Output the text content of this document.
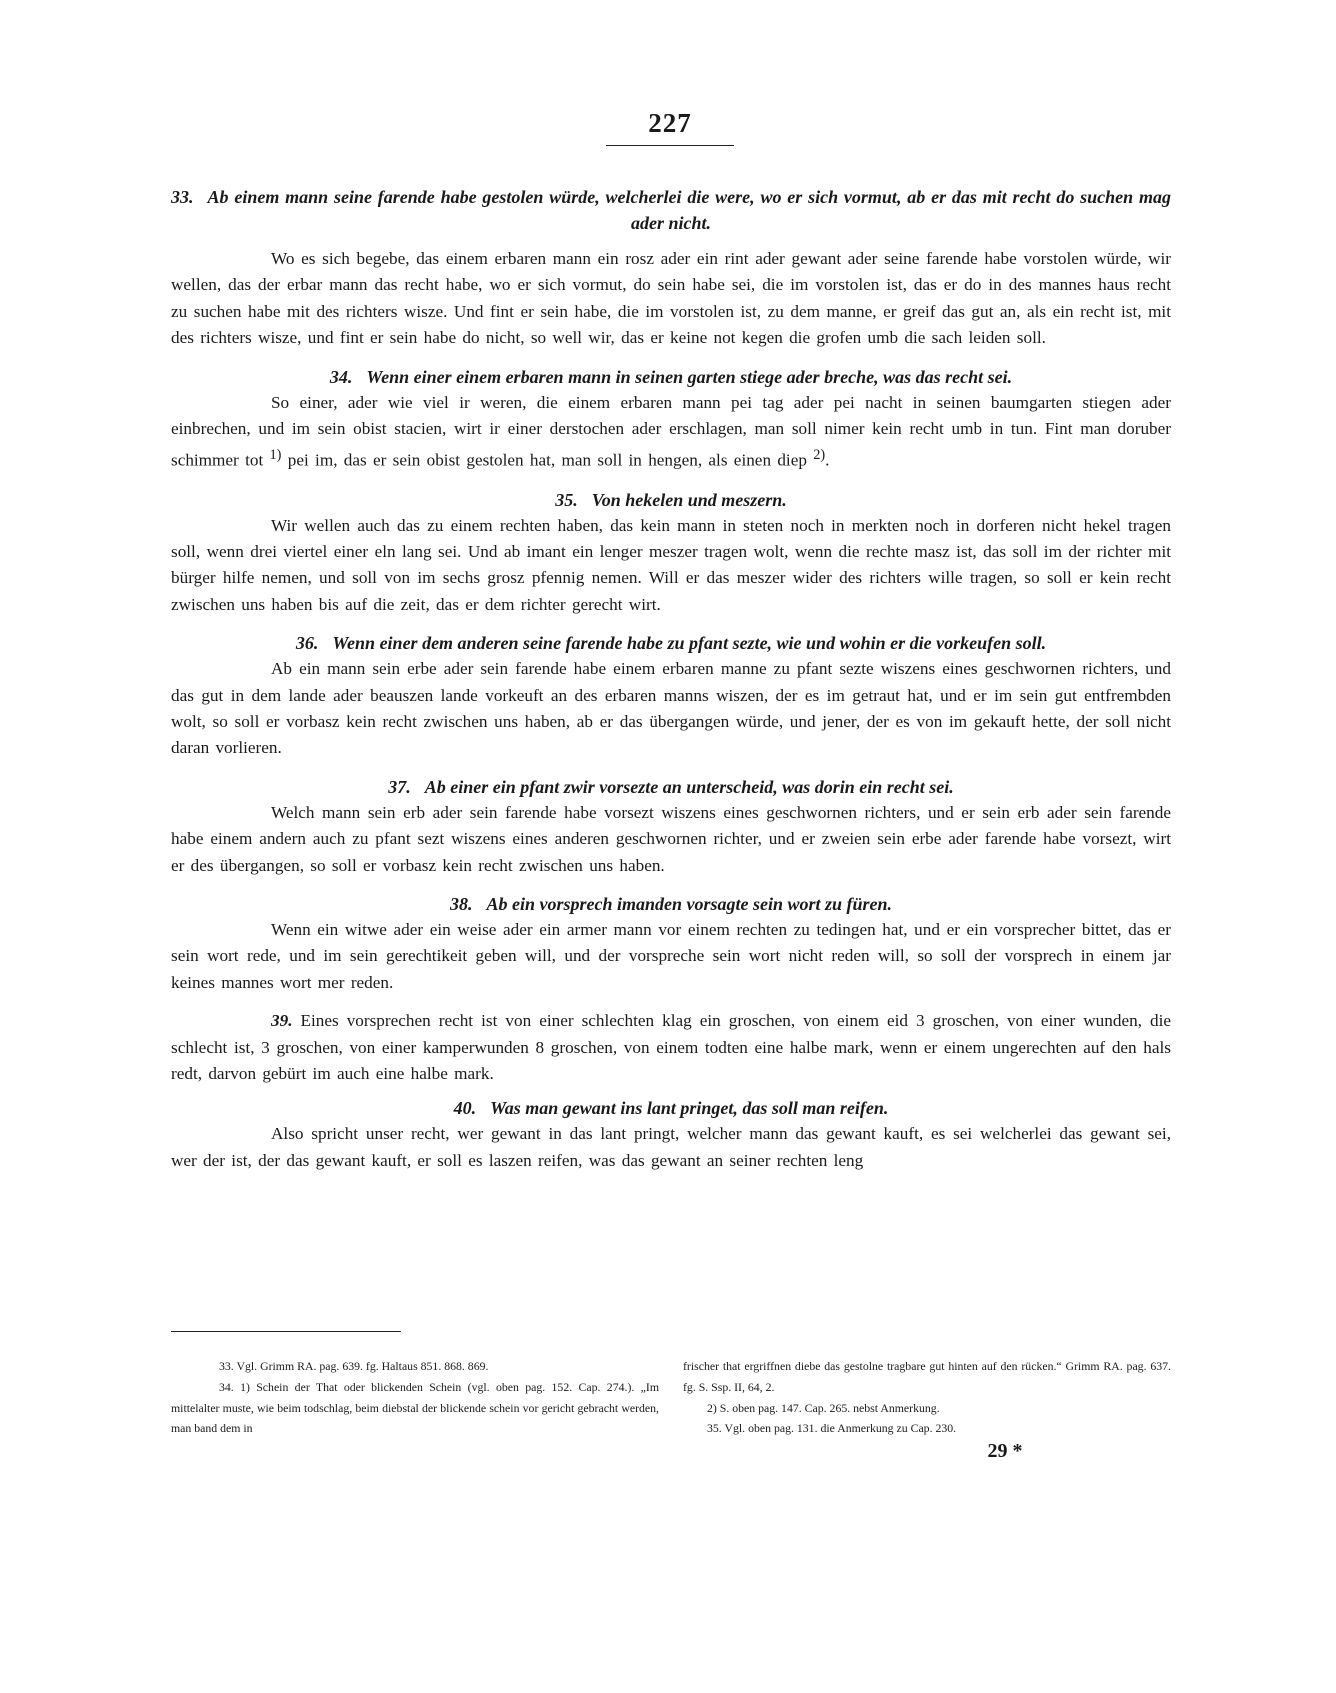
227

33. Ab einem mann seine farende habe gestolen würde, welcherlei die were, wo er sich vormut, ab er das mit recht do suchen mag ader nicht.

Wo es sich begebe, das einem erbaren mann ein rosz ader ein rint ader gewant ader seine farende habe vorstolen würde, wir wellen, das der erbar mann das recht habe, wo er sich vormut, do sein habe sei, die im vorstolen ist, das er do in des mannes haus recht zu suchen habe mit des richters wisze. Und fint er sein habe, die im vorstolen ist, zu dem manne, er greif das gut an, als ein recht ist, mit des richters wisze, und fint er sein habe do nicht, so well wir, das er keine not kegen die grofen umb die sach leiden soll.

34. Wenn einer einem erbaren mann in seinen garten stiege ader breche, was das recht sei.

So einer, ader wie viel ir weren, die einem erbaren mann pei tag ader pei nacht in seinen baumgarten stiegen ader einbrechen, und im sein obist stacien, wirt ir einer derstochen ader erschlagen, man soll nimer kein recht umb in tun. Fint man doruber schimmer tot $^{1)}$ pei im, das er sein obist gestolen hat, man soll in hengen, als einen diep $^{2)}$.

35. Von hekelen und meszern.

Wir wellen auch das zu einem rechten haben, das kein mann in steten noch in merkten noch in dorferen nicht hekel tragen soll, wenn drei viertel einer eln lang sei. Und ab imant ein lenger meszer tragen wolt, wenn die rechte masz ist, das soll im der richter mit bürger hilfe nemen, und soll von im sechs grosz pfennig nemen. Will er das meszer wider des richters wille tragen, so soll er kein recht zwischen uns haben bis auf die zeit, das er dem richter gerecht wirt.

36. Wenn einer dem anderen seine farende habe zu pfant sezte, wie und wohin er die vorkeufen soll.

Ab ein mann sein erbe ader sein farende habe einem erbaren manne zu pfant sezte wiszens eines geschwornen richters, und das gut in dem lande ader beauszen lande vorkeuft an des erbaren manns wiszen, der es im getraut hat, und er im sein gut entfrembden wolt, so soll er vorbasz kein recht zwischen uns haben, ab er das übergangen würde, und jener, der es von im gekauft hette, der soll nicht daran vorlieren.

37. Ab einer ein pfant zwir vorsezte an unterscheid, was dorin ein recht sei.

Welch mann sein erb ader sein farende habe vorsezt wiszens eines geschwornen richters, und er sein erb ader sein farende habe einem andern auch zu pfant sezt wiszens eines anderen geschwornen richter, und er zweien sein erbe ader farende habe vorsezt, wirt er des übergangen, so soll er vorbasz kein recht zwischen uns haben.

38. Ab ein vorsprech imanden vorsagte sein wort zu füren.

Wenn ein witwe ader ein weise ader ein armer mann vor einem rechten zu tedingen hat, und er ein vorsprecher bittet, das er sein wort rede, und im sein gerechtikeit geben will, und der vorspreche sein wort nicht reden will, so soll der vorsprech in einem jar keines mannes wort mer reden.

39. Eines vorsprechen recht ist von einer schlechten klag ein groschen, von einem eid 3 groschen, von einer wunden, die schlecht ist, 3 groschen, von einer kamperwunden 8 groschen, von einem todten eine halbe mark, wenn er einem ungerechten auf den hals redt, darvon gebürt im auch eine halbe mark.

40. Was man gewant ins lant pringet, das soll man reifen.

Also spricht unser recht, wer gewant in das lant pringt, welcher mann das gewant kauft, es sei welcherlei das gewant sei, wer der ist, der das gewant kauft, er soll es laszen reifen, was das gewant an seiner rechten leng

33. Vgl. Grimm RA. pag. 639. fg. Haltaus 851. 868. 869.

34. 1) Schein der That oder blickenden Schein (vgl. oben pag. 152. Cap. 274.). „Im mittelalter muste, wie beim todschlag, beim diebstal der blickende schein vor gericht gebracht werden, man band dem in

frischer that ergriffnen diebe das gestolne tragbare gut hinten auf den rücken.“ Grimm RA. pag. 637. fg. S. Ssp. II, 64, 2.

2) S. oben pag. 147. Cap. 265. nebst Anmerkung.

35. Vgl. oben pag. 131. die Anmerkung zu Cap. 230.

29 *
